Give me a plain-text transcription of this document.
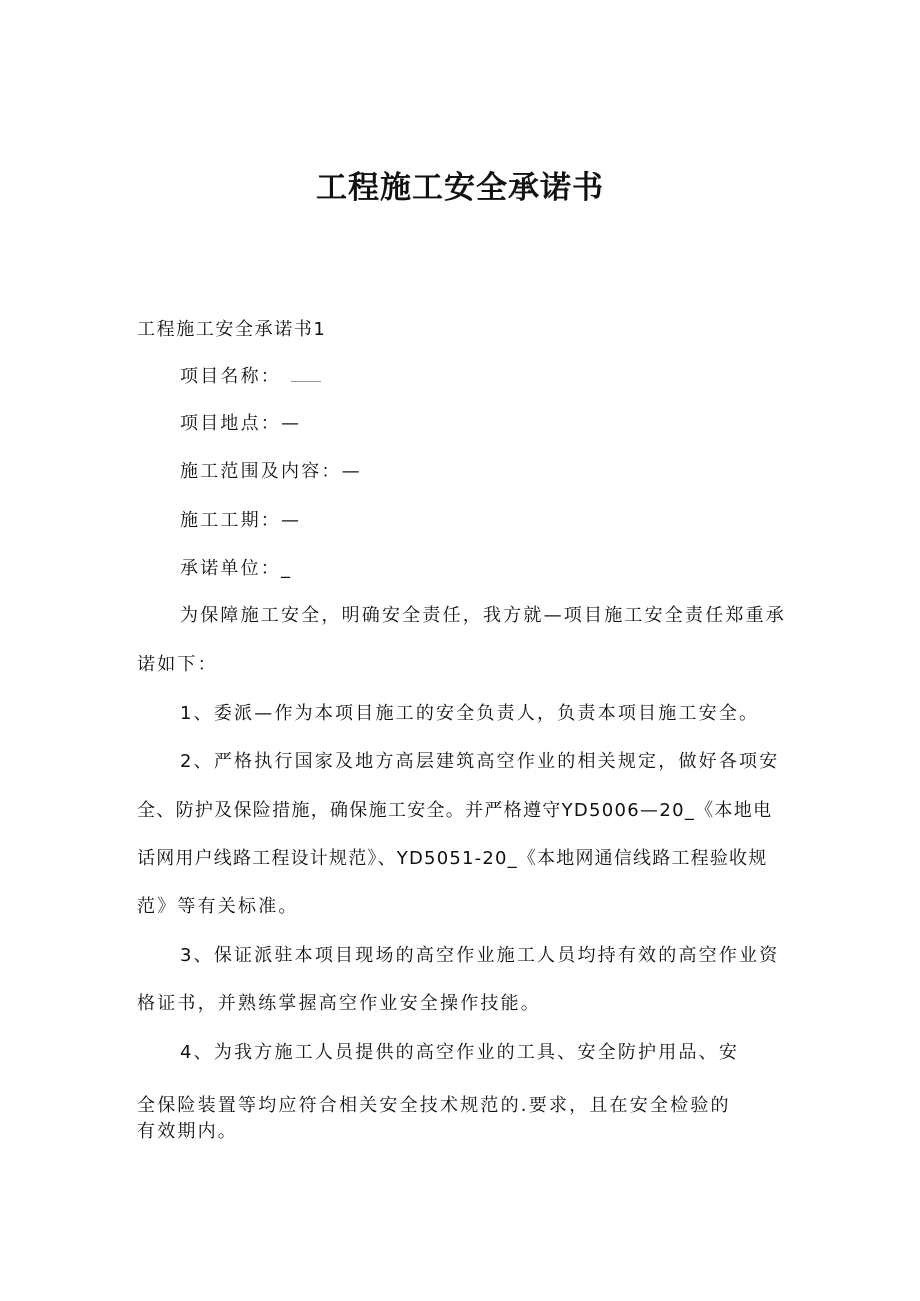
工程施工安全承诺书

工程施工安全承诺书1

项目名称：

项目地点：—

施工范围及内容：—

施工工期：—

承诺单位：_

为保障施工安全，明确安全责任，我方就—项目施工安全责任郑重承

诺如下：

1、委派—作为本项目施工的安全负责人，负责本项目施工安全。

2、严格执行国家及地方高层建筑高空作业的相关规定，做好各项安

全、防护及保险措施，确保施工安全。并严格遵守YD5006—20_《本地电

话网用户线路工程设计规范》、YD5051-20_《本地网通信线路工程验收规

范》等有关标准。

3、保证派驻本项目现场的高空作业施工人员均持有效的高空作业资

格证书，并熟练掌握高空作业安全操作技能。

4、为我方施工人员提供的高空作业的工具、安全防护用品、安

全保险装置等均应符合相关安全技术规范的.要求，且在安全检验的

有效期内。
